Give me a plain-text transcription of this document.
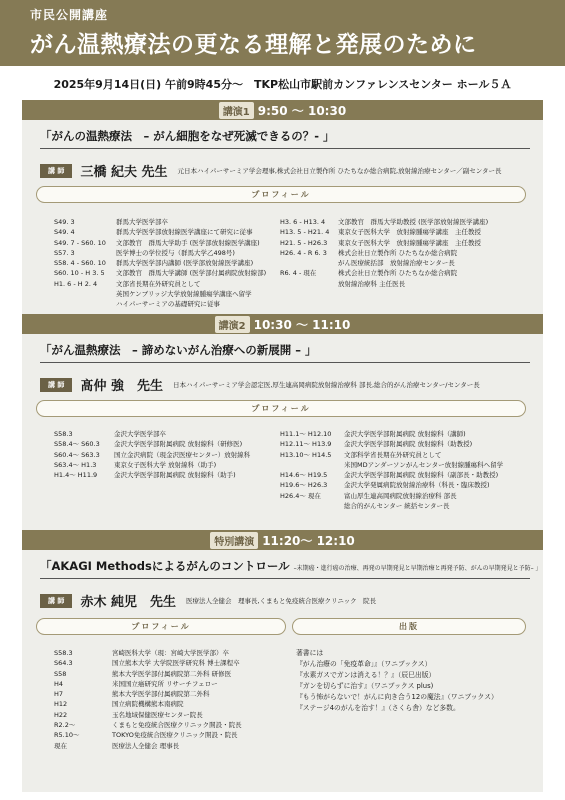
市民公開講座
がん温熱療法の更なる理解と発展のために
2025年9月14日(日) 午前9時45分～　TKP松山市駅前カンファレンスセンター ホール５Ａ
講演1 9:50 ～ 10:30
「がんの温熱療法　– がん細胞をなぜ死滅できるの？- 」
講 師	三橋 紀夫 先生 元日本ハイパーサーミア学会理事,株式会社日立製作所 ひたちなか総合病院,放射線治療センター／副センター長
プロフィール
S49. 3	群馬大学医学部卒
S49. 4	群馬大学医学部放射線医学講座にて研究に従事
S49. 7 - S60. 10	文部教官　群馬大学助手 (医学部放射線医学講座)
S57. 3	医学博士の学位授与（群馬大学乙498号)
S58. 4 - S60. 10	群馬大学医学部内講師 (医学部放射線医学講座)
S60. 10 - H 3. 5	文部教官　群馬大学講師 (医学部付属病院放射線部)
H1. 6 - H 2. 4	文部省長期在外研究員として
英国ケンブリッジ大学放射線腫瘍学講座へ留学
ハイパーサーミアの基礎研究に従事
H3. 6 - H13. 4	文部教官　群馬大学助教授 (医学部放射線医学講座)
H13. 5 - H21. 4	東京女子医科大学　放射線腫瘍学講座　主任教授
H21. 5 - H26.3	東京女子医科大学　放射線腫瘍学講座　主任教授
H26. 4 - R 6. 3	株式会社日立製作所 ひたちなか総合病院
がん医療統括部　放射線治療センター長
R6. 4 - 現在	株式会社日立製作所 ひたちなか総合病院
放射線治療科 主任医長
講演2 10:30 ～ 11:10
「がん温熱療法　– 諦めないがん治療への新展開 – 」
講 師	髙仲 強　先生 日本ハイパーサーミア学会認定医,厚生連高岡病院放射線治療科 部長,総合的がん治療センター/センター長
プロフィール
S58.3	金沢大学医学部卒
S58.4～ S60.3	金沢大学医学部附属病院 放射線科（研修医)
S60.4～ S63.3	国立金沢病院（現金沢医療センター）放射線科
S63.4～ H1.3	東京女子医科大学 放射線科（助手)
H1.4～ H11.9	金沢大学医学部附属病院 放射線科（助手)
H11.1～ H12.10	金沢大学医学部附属病院 放射線科（講師)
H12.11～ H13.9	金沢大学医学部附属病院 放射線科（助教授)
H13.10～ H14.5	文部科学省長期在外研究員として
米国MDアンダーソンがんセンター放射線腫瘍科へ留学
H14.6～ H19.5	金沢大学医学部附属病院 放射線科（副部長・助教授)
H19.6～ H26.3	金沢大学発属病院放射線治療科（科長・臨床教授)
H26.4～ 現在	富山厚生連高岡病院放射線治療科 部長
総合的がんセンター 統括センター長
特別講演 11:20～ 12:10
「AKAGI Methodsによるがんのコントロール –末期癌・進行癌の治療、再発の早期発見と早期治療と再発予防、がんの早期発見と予防– 」
講 師	赤木 純児　先生 医療法人全健会　理事長,くまもと免疫統合医療クリニック　院長
プロフィール	出版
S58.3	宮崎医科大学（現：宮崎大学医学部）卒
S64.3	国立熊本大学 大学院医学研究科 博士課程卒
S58	熊本大学医学部付属病院第二外科 研修医
H4	米国国立癌研究所 リサーチフェロー
H7	熊本大学医学部付属病院第二外科
H12	国立病院機構熊本南病院
H22	玉名地域保健医療センター院長
R2.2～	くまもと免疫統合医療クリニック開設・院長
R5.10～	TOKYO免疫統合医療クリニック開設・院長
現在	医療法人全健会 理事長
著書には
『がん治療の「免疫革命」』（ワニブックス）
『水素ガスでガンは消える！？』（辰巳出版）
『ガンを切らずに治す』（ワニブックス plus)
『もう怖がらないで！がんに向き合う12の魔法』（ワニブックス）
『ステージ4のがんを治す！』（さくら舎）など多数。
